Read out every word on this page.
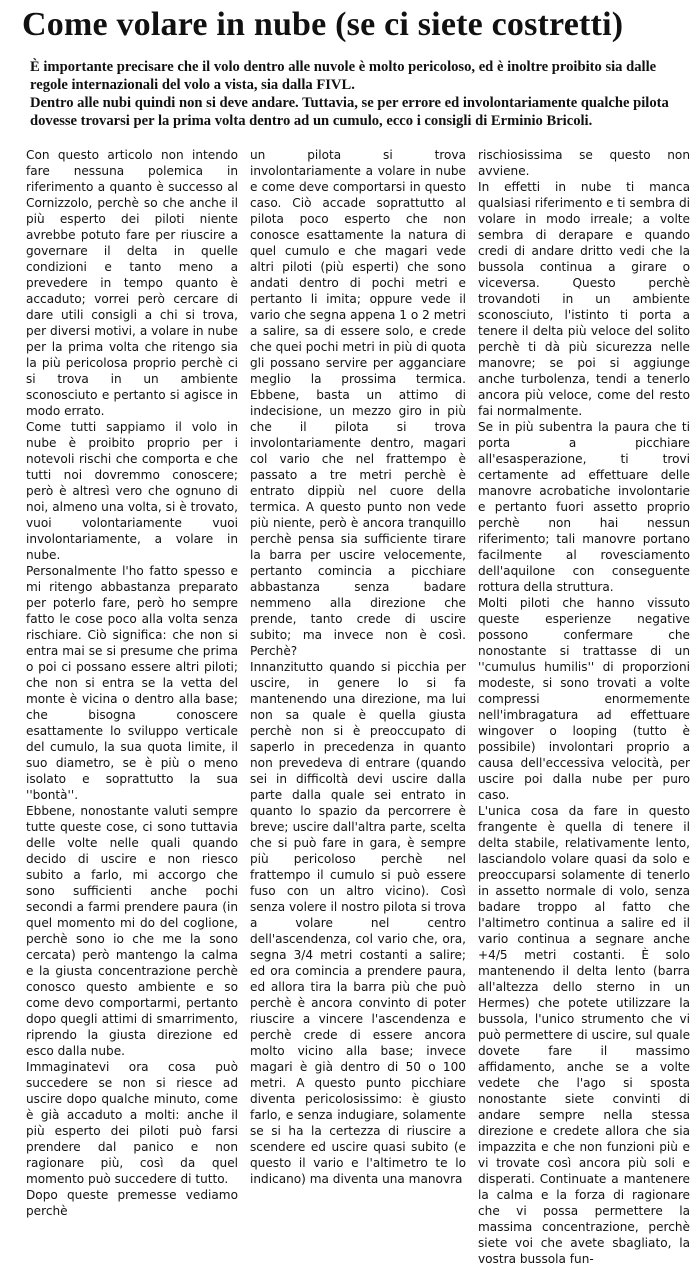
Come volare in nube (se ci siete costretti)

È importante precisare che il volo dentro alle nuvole è molto pericoloso, ed è inoltre proibito sia dalle regole internazionali del volo a vista, sia dalla FIVL.

Dentro alle nubi quindi non si deve andare. Tuttavia, se per errore ed involontariamente qualche pilota dovesse trovarsi per la prima volta dentro ad un cumulo, ecco i consigli di Erminio Bricoli.

Con questo articolo non intendo fare nessuna polemica in riferimento a quanto è successo al Cornizzolo, perchè so che anche il più esperto dei piloti niente avrebbe potuto fare per riuscire a governare il delta in quelle condizioni e tanto meno a prevedere in tempo quanto è accaduto; vorrei però cercare di dare utili consigli a chi si trova, per diversi motivi, a volare in nube per la prima volta che ritengo sia la più pericolosa proprio perchè ci si trova in un ambiente sconosciuto e pertanto si agisce in modo errato.

Come tutti sappiamo il volo in nube è proibito proprio per i notevoli rischi che comporta e che tutti noi dovremmo conoscere; però è altresì vero che ognuno di noi, almeno una volta, si è trovato, vuoi volontariamente vuoi involontariamente, a volare in nube.

Personalmente l'ho fatto spesso e mi ritengo abbastanza preparato per poterlo fare, però ho sempre fatto le cose poco alla volta senza rischiare. Ciò significa: che non si entra mai se si presume che prima o poi ci possano essere altri piloti; che non si entra se la vetta del monte è vicina o dentro alla base; che bisogna conoscere esattamente lo sviluppo verticale del cumulo, la sua quota limite, il suo diametro, se è più o meno isolato e soprattutto la sua ''bontà''.

Ebbene, nonostante valuti sempre tutte queste cose, ci sono tuttavia delle volte nelle quali quando decido di uscire e non riesco subito a farlo, mi accorgo che sono sufficienti anche pochi secondi a farmi prendere paura (in quel momento mi do del coglione, perchè sono io che me la sono cercata) però mantengo la calma e la giusta concentrazione perchè conosco questo ambiente e so come devo comportarmi, pertanto dopo quegli attimi di smarrimento, riprendo la giusta direzione ed esco dalla nube.

Immaginatevi ora cosa può succedere se non si riesce ad uscire dopo qualche minuto, come è già accaduto a molti: anche il più esperto dei piloti può farsi prendere dal panico e non ragionare più, così da quel momento può succedere di tutto.

Dopo queste premesse vediamo perchè

un pilota si trova involontariamente a volare in nube e come deve comportarsi in questo caso. Ciò accade soprattutto al pilota poco esperto che non conosce esattamente la natura di quel cumulo e che magari vede altri piloti (più esperti) che sono andati dentro di pochi metri e pertanto li imita; oppure vede il vario che segna appena 1 o 2 metri a salire, sa di essere solo, e crede che quei pochi metri in più di quota gli possano servire per agganciare meglio la prossima termica. Ebbene, basta un attimo di indecisione, un mezzo giro in più che il pilota si trova involontariamente dentro, magari col vario che nel frattempo è passato a tre metri perchè è entrato dippiù nel cuore della termica. A questo punto non vede più niente, però è ancora tranquillo perchè pensa sia sufficiente tirare la barra per uscire velocemente, pertanto comincia a picchiare abbastanza senza badare nemmeno alla direzione che prende, tanto crede di uscire subito; ma invece non è così. Perchè?

Innanzitutto quando si picchia per uscire, in genere lo si fa mantenendo una direzione, ma lui non sa quale è quella giusta perchè non si è preoccupato di saperlo in precedenza in quanto non prevedeva di entrare (quando sei in difficoltà devi uscire dalla parte dalla quale sei entrato in quanto lo spazio da percorrere è breve; uscire dall'altra parte, scelta che si può fare in gara, è sempre più pericoloso perchè nel frattempo il cumulo si può essere fuso con un altro vicino). Così senza volere il nostro pilota si trova a volare nel centro dell'ascendenza, col vario che, ora, segna 3/4 metri costanti a salire; ed ora comincia a prendere paura, ed allora tira la barra più che può perchè è ancora convinto di poter riuscire a vincere l'ascendenza e perchè crede di essere ancora molto vicino alla base; invece magari è già dentro di 50 o 100 metri. A questo punto picchiare diventa pericolosissimo: è giusto farlo, e senza indugiare, solamente se si ha la certezza di riuscire a scendere ed uscire quasi subito (e questo il vario e l'altimetro te lo indicano) ma diventa una manovra

rischiosissima se questo non avviene.

In effetti in nube ti manca qualsiasi riferimento e ti sembra di volare in modo irreale; a volte sembra di derapare e quando credi di andare dritto vedi che la bussola continua a girare o viceversa. Questo perchè trovandoti in un ambiente sconosciuto, l'istinto ti porta a tenere il delta più veloce del solito perchè ti dà più sicurezza nelle manovre; se poi si aggiunge anche turbolenza, tendi a tenerlo ancora più veloce, come del resto fai normalmente.

Se in più subentra la paura che ti porta a picchiare all'esasperazione, ti trovi certamente ad effettuare delle manovre acrobatiche involontarie e pertanto fuori assetto proprio perchè non hai nessun riferimento; tali manovre portano facilmente al rovesciamento dell'aquilone con conseguente rottura della struttura.

Molti piloti che hanno vissuto queste esperienze negative possono confermare che nonostante si trattasse di un ''cumulus humilis'' di proporzioni modeste, si sono trovati a volte compressi enormemente nell'imbragatura ad effettuare wingover o looping (tutto è possibile) involontari proprio a causa dell'eccessiva velocità, per uscire poi dalla nube per puro caso.

L'unica cosa da fare in questo frangente è quella di tenere il delta stabile, relativamente lento, lasciandolo volare quasi da solo e preoccuparsi solamente di tenerlo in assetto normale di volo, senza badare troppo al fatto che l'altimetro continua a salire ed il vario continua a segnare anche +4/5 metri costanti. È solo mantenendo il delta lento (barra all'altezza dello sterno in un Hermes) che potete utilizzare la bussola, l'unico strumento che vi può permettere di uscire, sul quale dovete fare il massimo affidamento, anche se a volte vedete che l'ago si sposta nonostante siete convinti di andare sempre nella stessa direzione e credete allora che sia impazzita e che non funzioni più e vi trovate così ancora più soli e disperati. Continuate a mantenere la calma e la forza di ragionare che vi possa permettere la massima concentrazione, perchè siete voi che avete sbagliato, la vostra bussola fun-
